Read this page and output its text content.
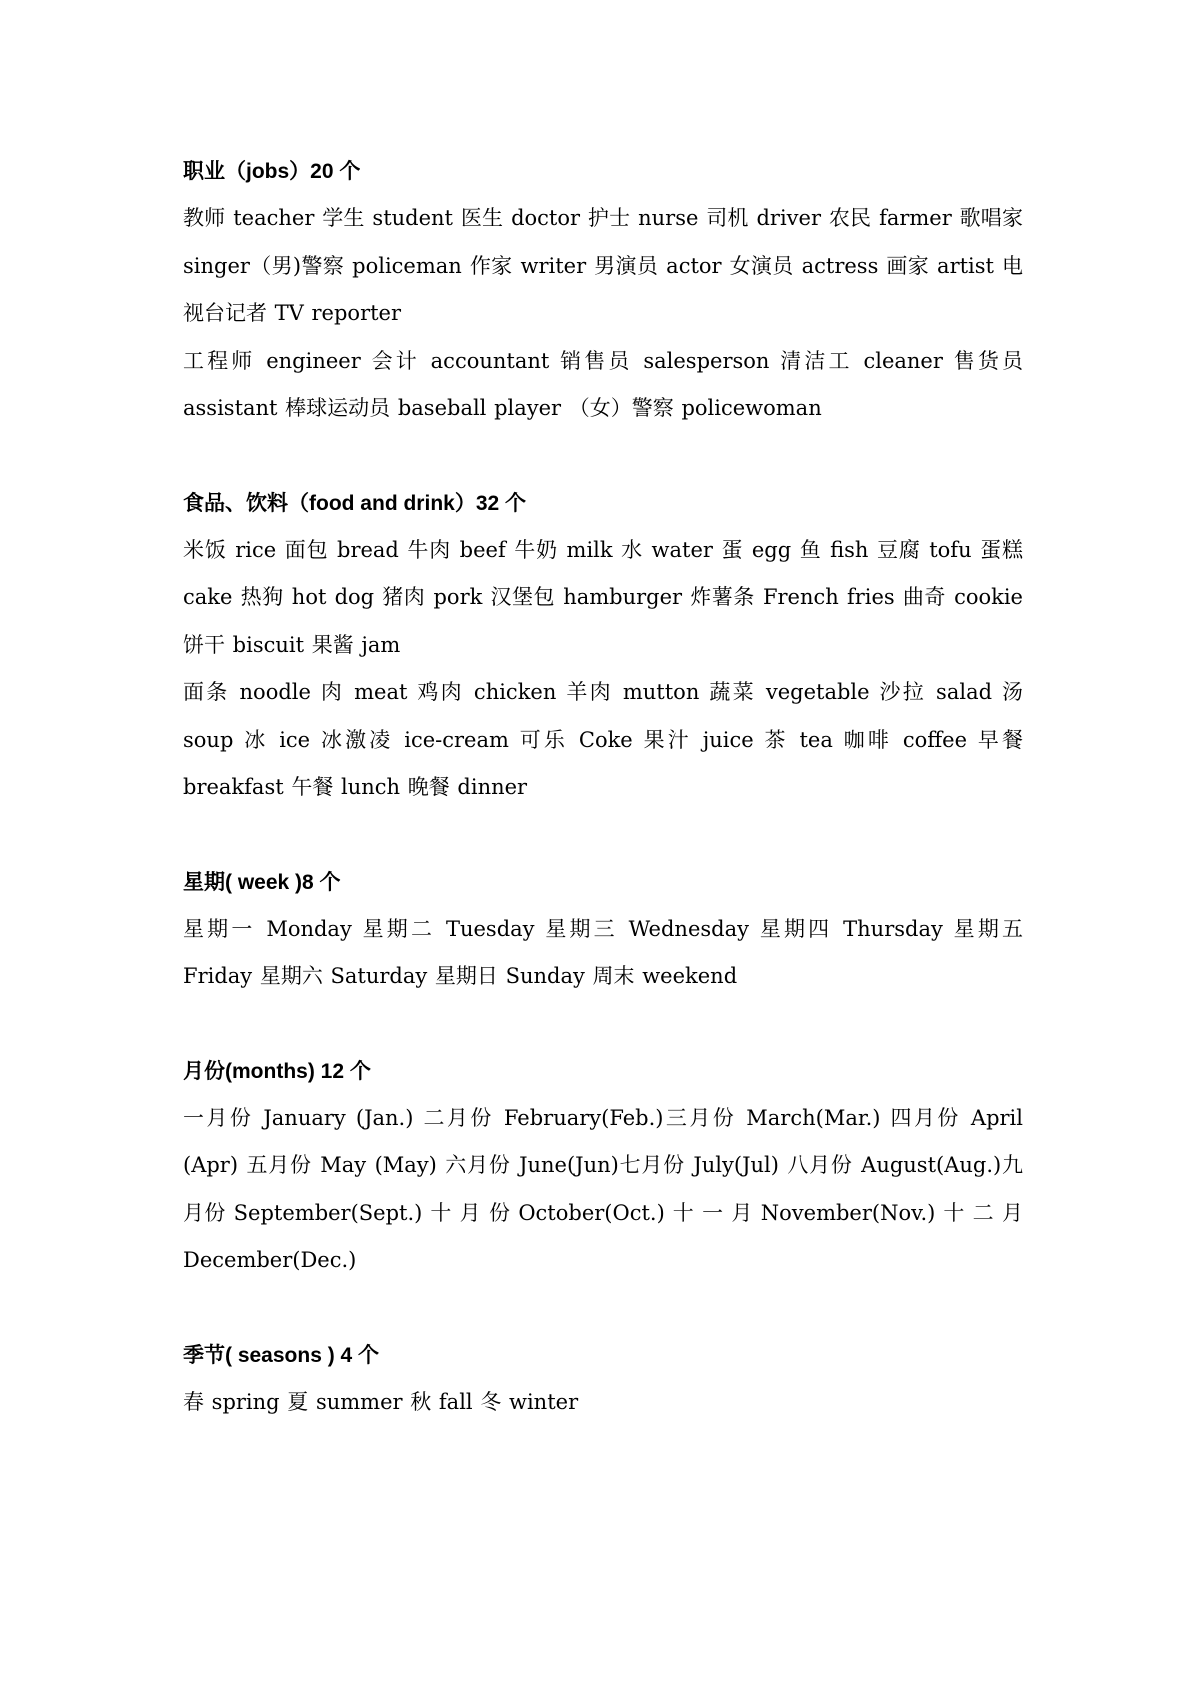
职业（jobs）20 个
教师 teacher 学生 student 医生 doctor 护士 nurse 司机 driver 农民 farmer 歌唱家 singer（男)警察 policeman 作家 writer 男演员 actor 女演员 actress 画家 artist 电视台记者 TV reporter
工程师 engineer 会计 accountant 销售员 salesperson 清洁工 cleaner 售货员 assistant 棒球运动员 baseball player （女）警察 policewoman
食品、饮料（food and drink）32 个
米饭 rice 面包 bread 牛肉 beef 牛奶 milk 水 water 蛋 egg 鱼 fish 豆腐 tofu 蛋糕 cake 热狗 hot dog 猪肉 pork 汉堡包 hamburger 炸薯条 French fries 曲奇 cookie 饼干 biscuit 果酱 jam
面条 noodle 肉 meat 鸡肉 chicken 羊肉 mutton 蔬菜 vegetable 沙拉 salad 汤 soup 冰 ice 冰激凌 ice-cream 可乐 Coke 果汁 juice 茶 tea 咖啡 coffee 早餐 breakfast 午餐 lunch 晚餐 dinner
星期( week )8 个
星期一 Monday 星期二 Tuesday 星期三 Wednesday 星期四 Thursday 星期五 Friday 星期六 Saturday 星期日 Sunday 周末 weekend
月份(months) 12 个
一月份 January (Jan.) 二月份 February(Feb.)三月份 March(Mar.) 四月份 April (Apr) 五月份 May (May) 六月份 June(Jun)七月份 July(Jul) 八月份 August(Aug.)九月份 September(Sept.) 十 月 份 October(Oct.) 十 一 月 November(Nov.) 十 二 月 December(Dec.)
季节( seasons ) 4 个
春 spring 夏 summer 秋 fall 冬 winter
